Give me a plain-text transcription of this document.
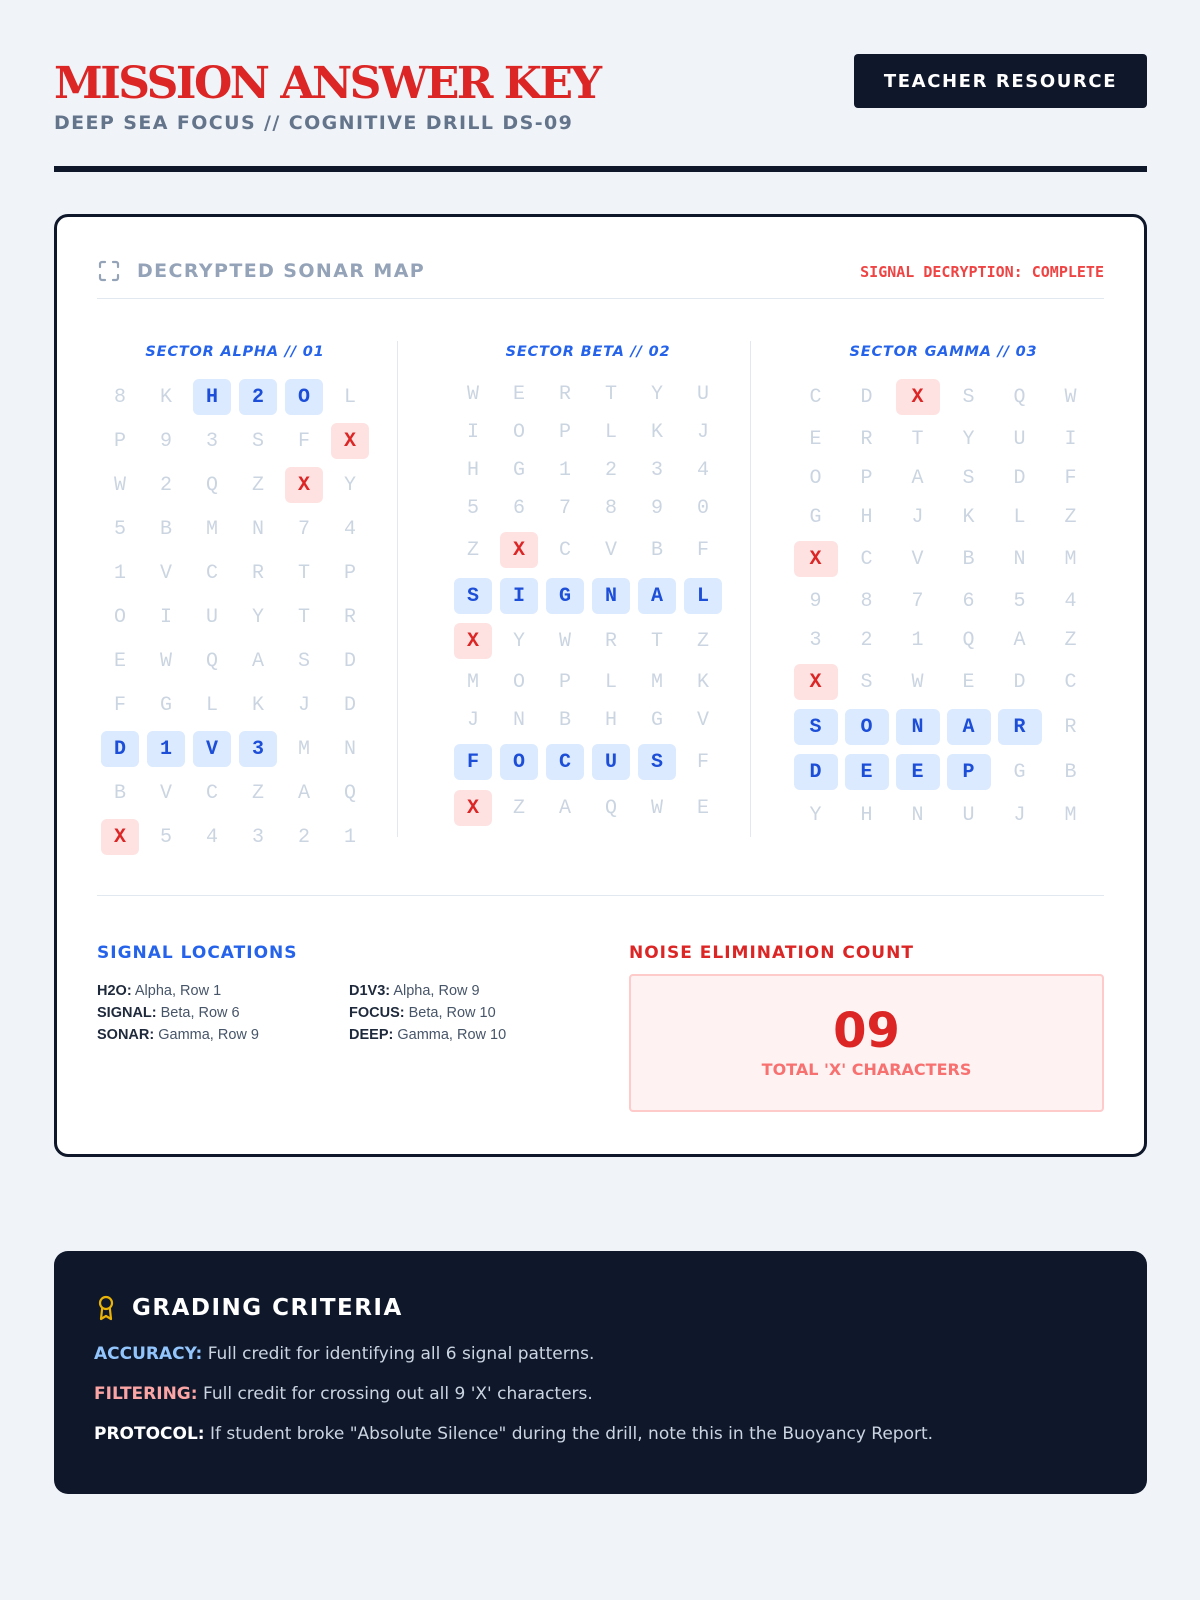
MISSION ANSWER KEY
DEEP SEA FOCUS // COGNITIVE DRILL DS-09
TEACHER RESOURCE
DECRYPTED SONAR MAP	SIGNAL DECRYPTION: COMPLETE
SECTOR ALPHA // 01
8	K	H	2	O	L
P	9	3	S	F	X
W	2	Q	Z	X	Y
5	B	M	N	7	4
1	V	C	R	T	P
O	I	U	Y	T	R
E	W	Q	A	S	D
F	G	L	K	J	D
D	1	V	3	M	N
B	V	C	Z	A	Q
X	5	4	3	2	1
SECTOR BETA // 02
W	E	R	T	Y	U
I	O	P	L	K	J
H	G	1	2	3	4
5	6	7	8	9	0
Z	X	C	V	B	F
S	I	G	N	A	L
X	Y	W	R	T	Z
M	O	P	L	M	K
J	N	B	H	G	V
F	O	C	U	S	F
X	Z	A	Q	W	E
SECTOR GAMMA // 03
C	D	X	S	Q	W
E	R	T	Y	U	I
O	P	A	S	D	F
G	H	J	K	L	Z
X	C	V	B	N	M
9	8	7	6	5	4
3	2	1	Q	A	Z
X	S	W	E	D	C
S	O	N	A	R	R
D	E	E	P	G	B
Y	H	N	U	J	M
SIGNAL LOCATIONS
H2O: Alpha, Row 1	D1V3: Alpha, Row 9
SIGNAL: Beta, Row 6	FOCUS: Beta, Row 10
SONAR: Gamma, Row 9	DEEP: Gamma, Row 10
NOISE ELIMINATION COUNT
09
TOTAL 'X' CHARACTERS
GRADING CRITERIA
ACCURACY: Full credit for identifying all 6 signal patterns.
FILTERING: Full credit for crossing out all 9 'X' characters.
PROTOCOL: If student broke "Absolute Silence" during the drill, note this in the Buoyancy Report.
